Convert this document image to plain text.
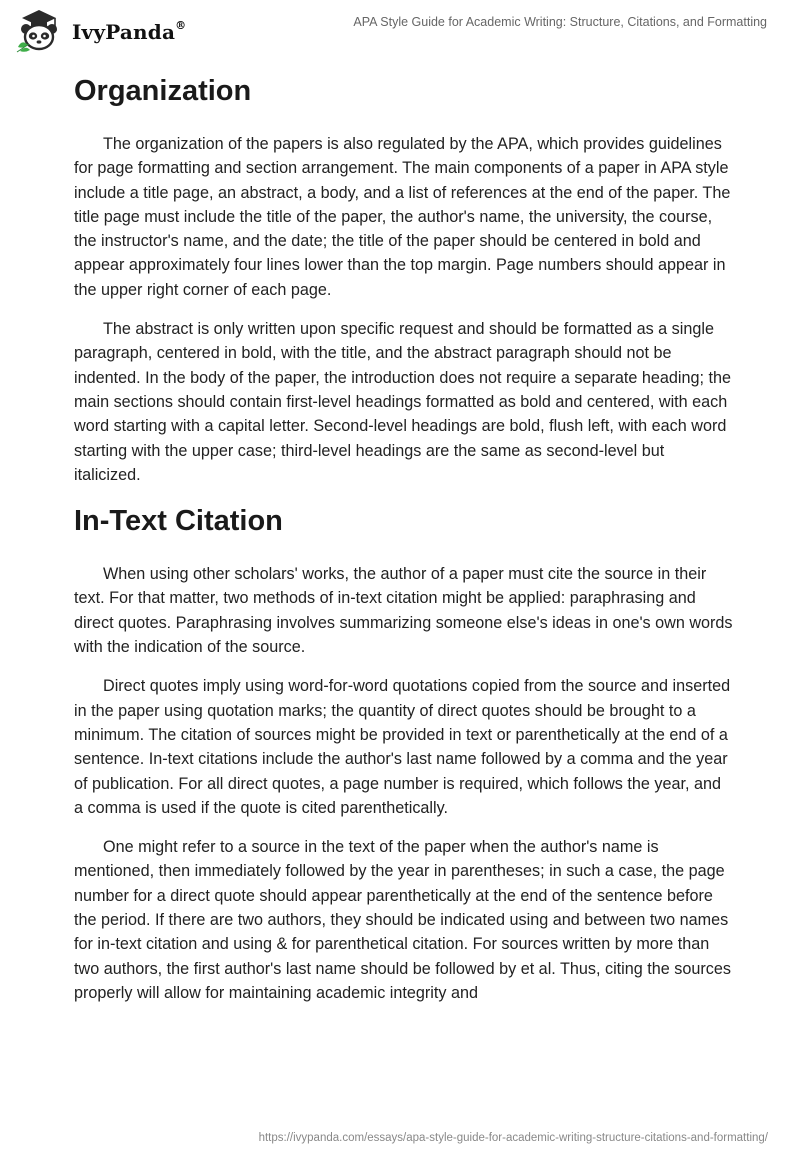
IvyPanda®	APA Style Guide for Academic Writing: Structure, Citations, and Formatting
Organization

The organization of the papers is also regulated by the APA, which provides guidelines for page formatting and section arrangement. The main components of a paper in APA style include a title page, an abstract, a body, and a list of references at the end of the paper. The title page must include the title of the paper, the author's name, the university, the course, the instructor's name, and the date; the title of the paper should be centered in bold and appear approximately four lines lower than the top margin. Page numbers should appear in the upper right corner of each page.

The abstract is only written upon specific request and should be formatted as a single paragraph, centered in bold, with the title, and the abstract paragraph should not be indented. In the body of the paper, the introduction does not require a separate heading; the main sections should contain first-level headings formatted as bold and centered, with each word starting with a capital letter. Second-level headings are bold, flush left, with each word starting with the upper case; third-level headings are the same as second-level but italicized.

In-Text Citation

When using other scholars' works, the author of a paper must cite the source in their text. For that matter, two methods of in-text citation might be applied: paraphrasing and direct quotes. Paraphrasing involves summarizing someone else's ideas in one's own words with the indication of the source.

Direct quotes imply using word-for-word quotations copied from the source and inserted in the paper using quotation marks; the quantity of direct quotes should be brought to a minimum. The citation of sources might be provided in text or parenthetically at the end of a sentence. In-text citations include the author's last name followed by a comma and the year of publication. For all direct quotes, a page number is required, which follows the year, and a comma is used if the quote is cited parenthetically.

One might refer to a source in the text of the paper when the author's name is mentioned, then immediately followed by the year in parentheses; in such a case, the page number for a direct quote should appear parenthetically at the end of the sentence before the period. If there are two authors, they should be indicated using and between two names for in-text citation and using & for parenthetical citation. For sources written by more than two authors, the first author's last name should be followed by et al. Thus, citing the sources properly will allow for maintaining academic integrity and

https://ivypanda.com/essays/apa-style-guide-for-academic-writing-structure-citations-and-formatting/
